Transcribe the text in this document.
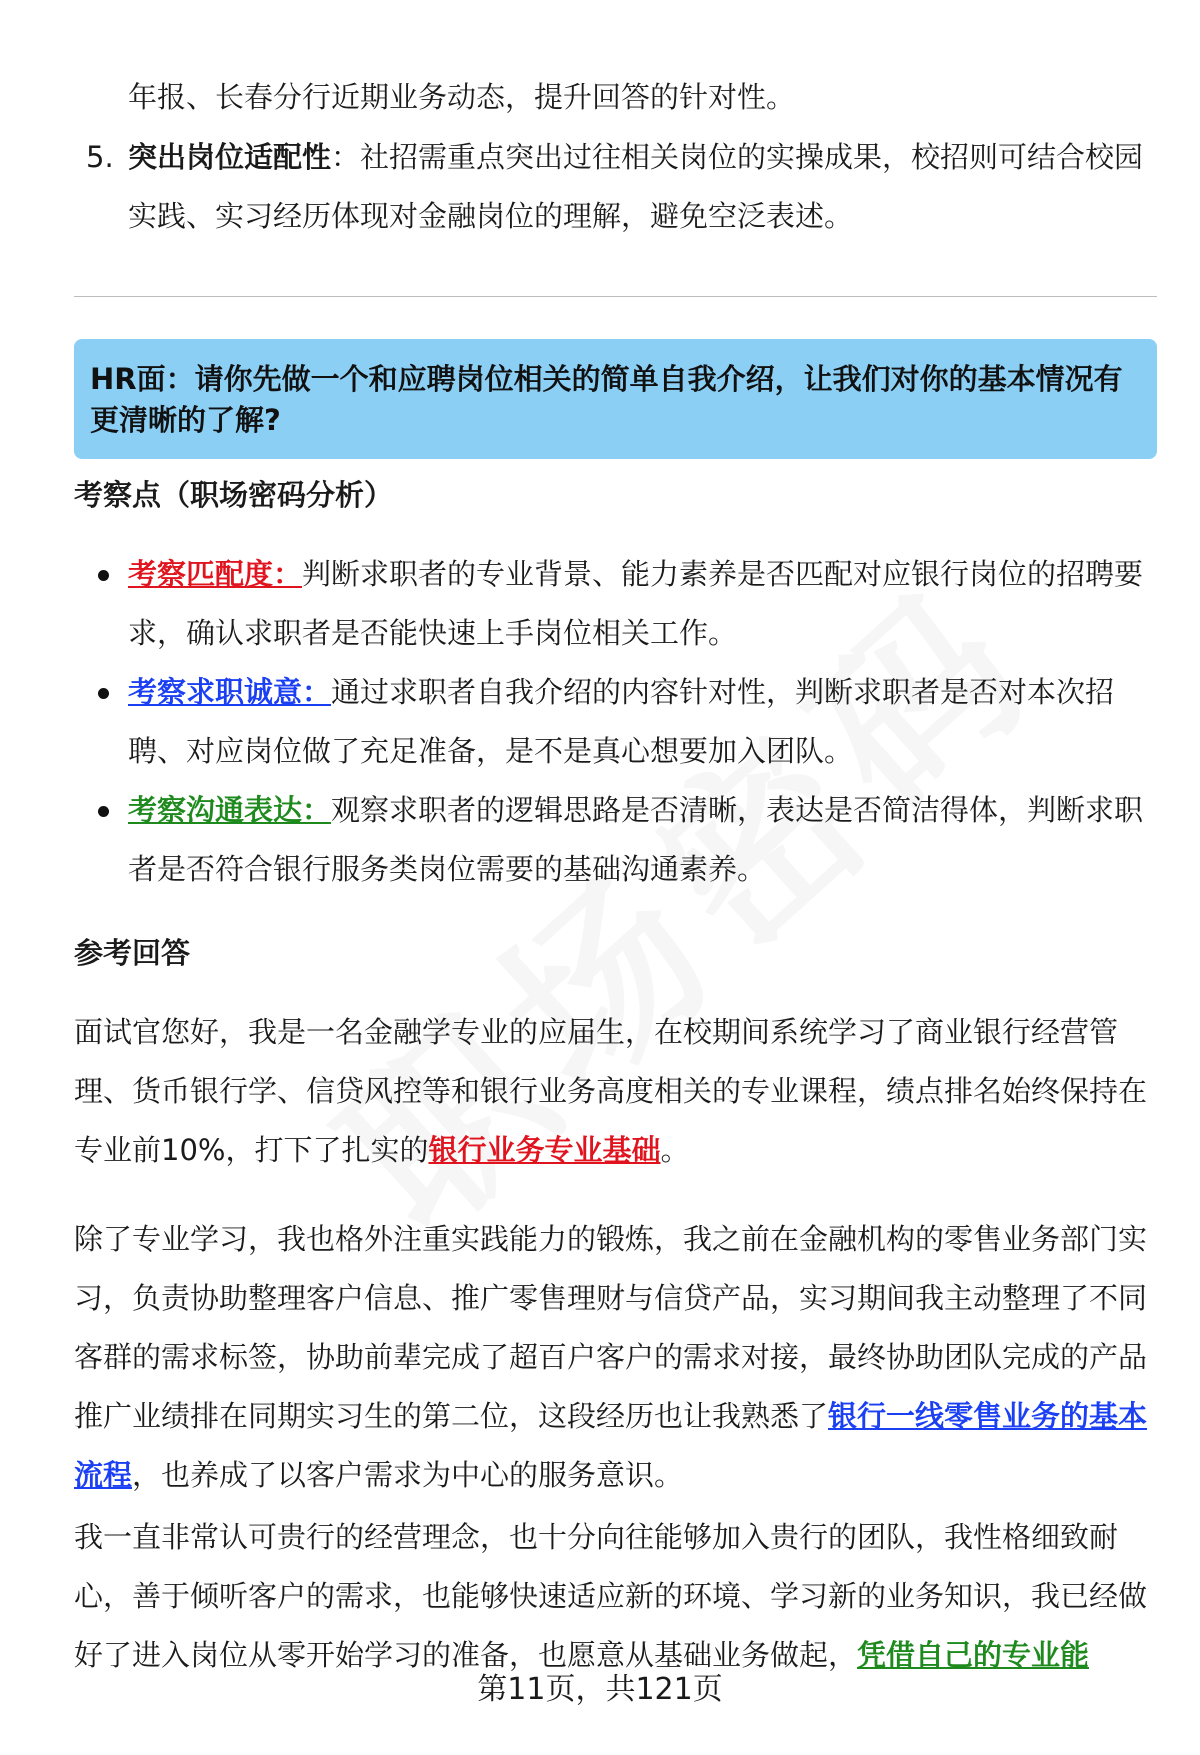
年报、长春分行近期业务动态，提升回答的针对性。

5. 突出岗位适配性：社招需重点突出过往相关岗位的实操成果，校招则可结合校园实践、实习经历体现对金融岗位的理解，避免空泛表述。

HR面：请你先做一个和应聘岗位相关的简单自我介绍，让我们对你的基本情况有更清晰的了解?
考察点（职场密码分析）
考察匹配度：判断求职者的专业背景、能力素养是否匹配对应银行岗位的招聘要求，确认求职者是否能快速上手岗位相关工作。
考察求职诚意：通过求职者自我介绍的内容针对性，判断求职者是否对本次招聘、对应岗位做了充足准备，是不是真心想要加入团队。
考察沟通表达：观察求职者的逻辑思路是否清晰，表达是否简洁得体，判断求职者是否符合银行服务类岗位需要的基础沟通素养。
参考回答

面试官您好，我是一名金融学专业的应届生，在校期间系统学习了商业银行经营管理、货币银行学、信贷风控等和银行业务高度相关的专业课程，绩点排名始终保持在专业前10%，打下了扎实的银行业务专业基础。

除了专业学习，我也格外注重实践能力的锻炼，我之前在金融机构的零售业务部门实习，负责协助整理客户信息、推广零售理财与信贷产品，实习期间我主动整理了不同客群的需求标签，协助前辈完成了超百户客户的需求对接，最终协助团队完成的产品推广业绩排在同期实习生的第二位，这段经历也让我熟悉了银行一线零售业务的基本流程，也养成了以客户需求为中心的服务意识。

我一直非常认可贵行的经营理念，也十分向往能够加入贵行的团队，我性格细致耐心，善于倾听客户的需求，也能够快速适应新的环境、学习新的业务知识，我已经做好了进入岗位从零开始学习的准备，也愿意从基础业务做起，凭借自己的专业能

第11页，共121页
